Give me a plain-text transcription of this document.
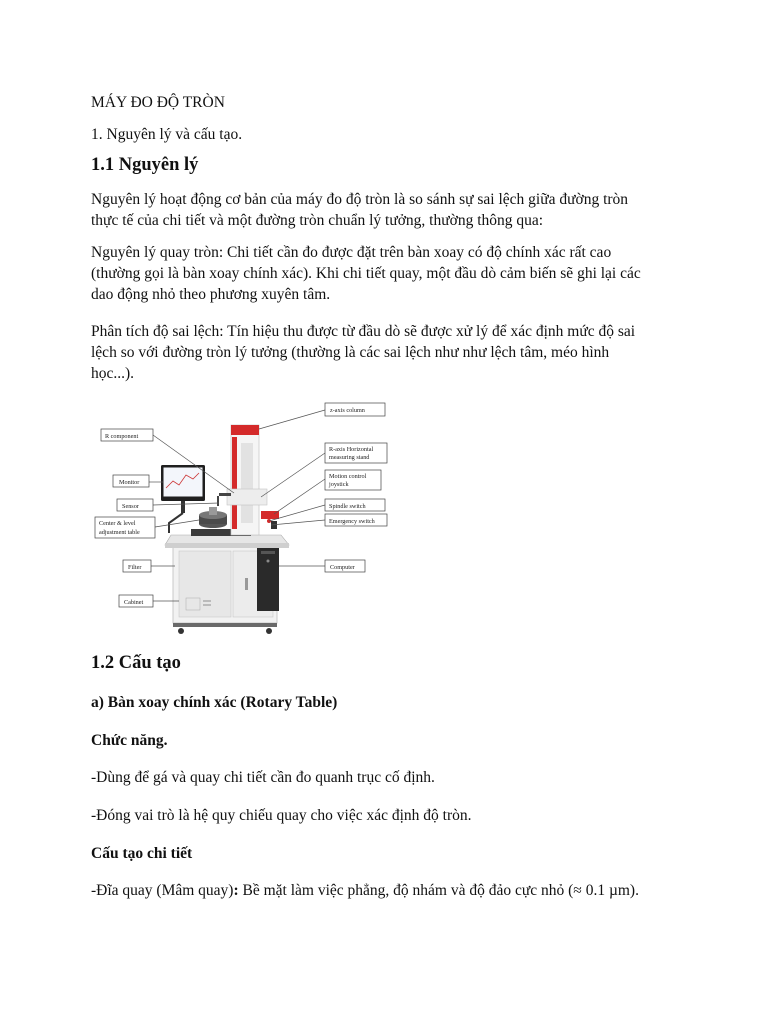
MÁY ĐO ĐỘ TRÒN

1. Nguyên lý và cấu tạo.

1.1 Nguyên lý

Nguyên lý hoạt động cơ bản của máy đo độ tròn là so sánh sự sai lệch giữa đường tròn

thực tế của chi tiết và một đường tròn chuẩn lý tưởng, thường thông qua:

Nguyên lý quay tròn: Chi tiết cần đo được đặt trên bàn xoay có độ chính xác rất cao

(thường gọi là bàn xoay chính xác). Khi chi tiết quay, một đầu dò cảm biến sẽ ghi lại các

dao động nhỏ theo phương xuyên tâm.

Phân tích độ sai lệch: Tín hiệu thu được từ đầu dò sẽ được xử lý để xác định mức độ sai

lệch so với đường tròn lý tưởng (thường là các sai lệch như như lệch tâm, méo hình

học...).

z-axis column
R component
R-axis Horizontal
measuring stand
Motion control
joystick
Monitor
Spindle switch
Sensor
Emergency switch
Center & level
adjustment table
Filter	Computer
Cabinet

1.2 Cấu tạo

a) Bàn xoay chính xác (Rotary Table)

Chức năng.

-Dùng để gá và quay chi tiết cần đo quanh trục cố định.

-Đóng vai trò là hệ quy chiếu quay cho việc xác định độ tròn.

Cấu tạo chi tiết

-Đĩa quay (Mâm quay): Bề mặt làm việc phẳng, độ nhám và độ đảo cực nhỏ (≈ 0.1 µm).
